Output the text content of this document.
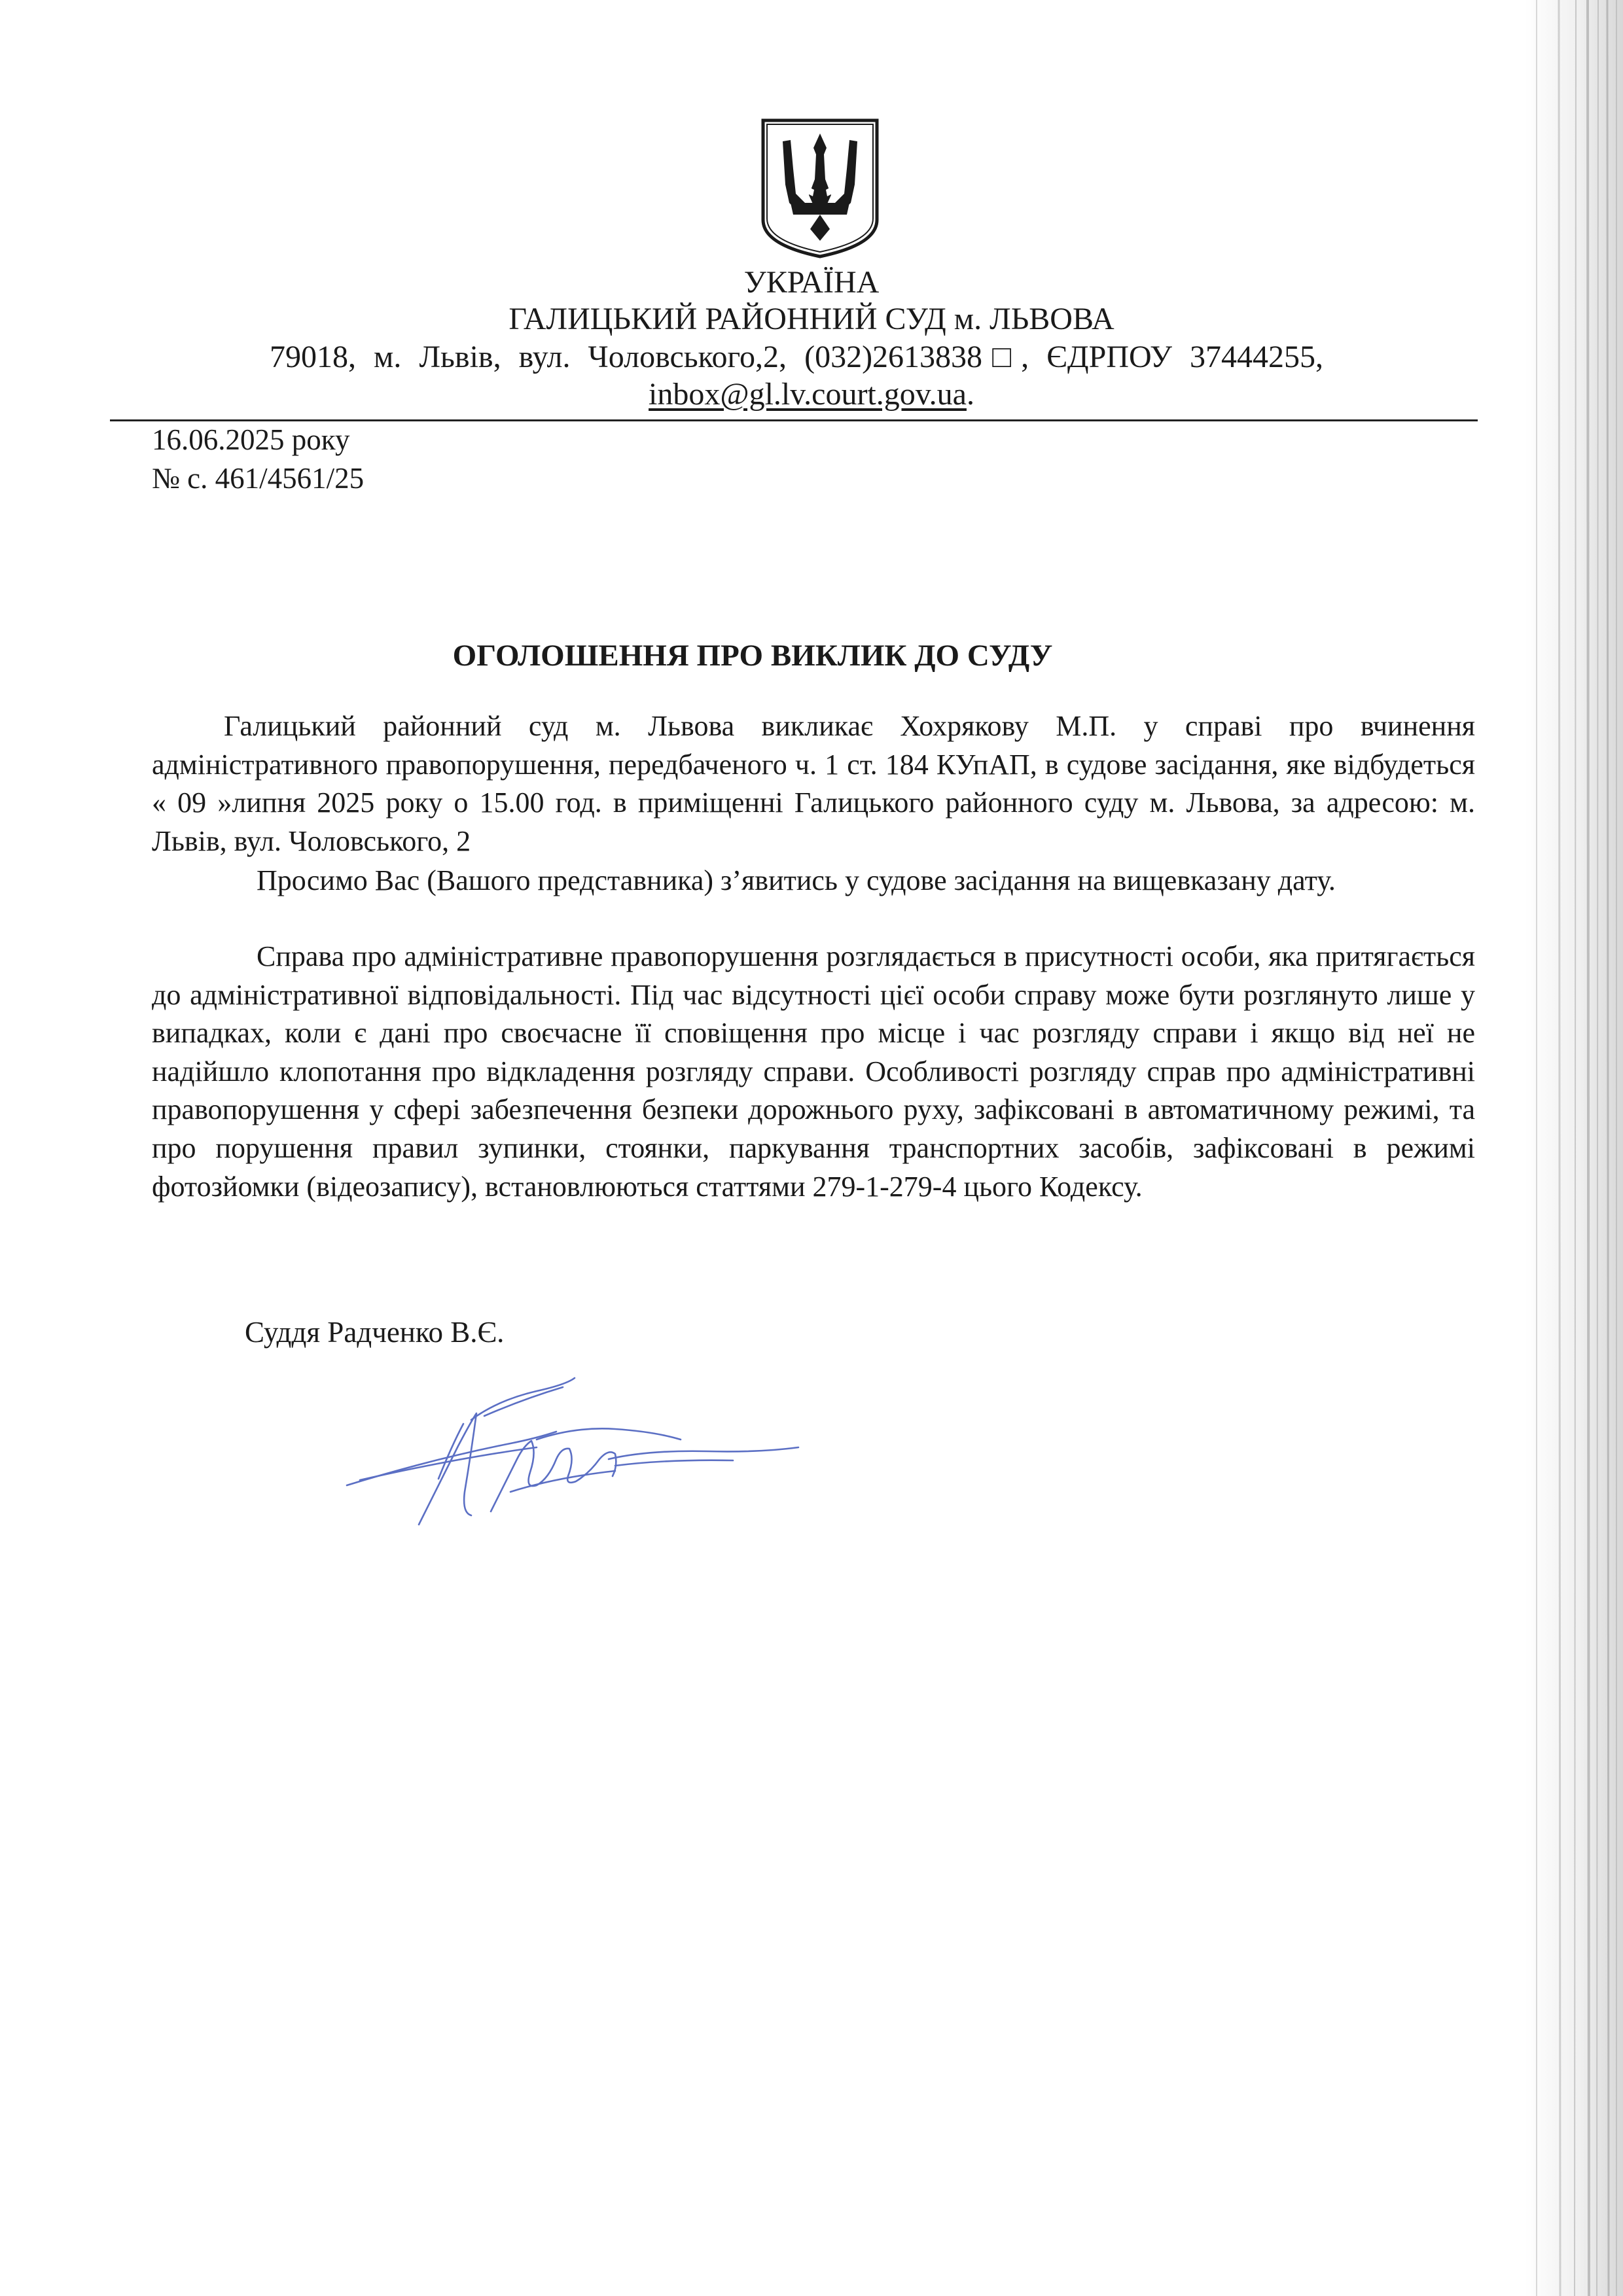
УКРАЇНА
ГАЛИЦЬКИЙ РАЙОННИЙ СУД м. ЛЬВОВА
79018, м. Львів, вул. Чоловського,2, (032)2613838□, ЄДРПОУ 37444255,
inbox@gl.lv.court.gov.ua.
16.06.2025 року
№ с. 461/4561/25
ОГОЛОШЕННЯ ПРО ВИКЛИК ДО СУДУ

Галицький районний суд м. Львова викликає Хохрякову М.П. у справі про вчинення адміністративного правопорушення, передбаченого ч. 1 ст. 184 КУпАП, в судове засідання, яке відбудеться « 09 »липня 2025 року о 15.00 год. в приміщенні Галицького районного суду м. Львова, за адресою: м. Львів, вул. Чоловського, 2

Просимо Вас (Вашого представника) з’явитись у судове засідання на вищевказану дату.

Справа про адміністративне правопорушення розглядається в присутності особи, яка притягається до адміністративної відповідальності. Під час відсутності цієї особи справу може бути розглянуто лише у випадках, коли є дані про своєчасне її сповіщення про місце і час розгляду справи і якщо від неї не надійшло клопотання про відкладення розгляду справи. Особливості розгляду справ про адміністративні правопорушення у сфері забезпечення безпеки дорожнього руху, зафіксовані в автоматичному режимі, та про порушення правил зупинки, стоянки, паркування транспортних засобів, зафіксовані в режимі фотозйомки (відеозапису), встановлюються статтями 279-1-279-4 цього Кодексу.

Суддя Радченко В.Є.
